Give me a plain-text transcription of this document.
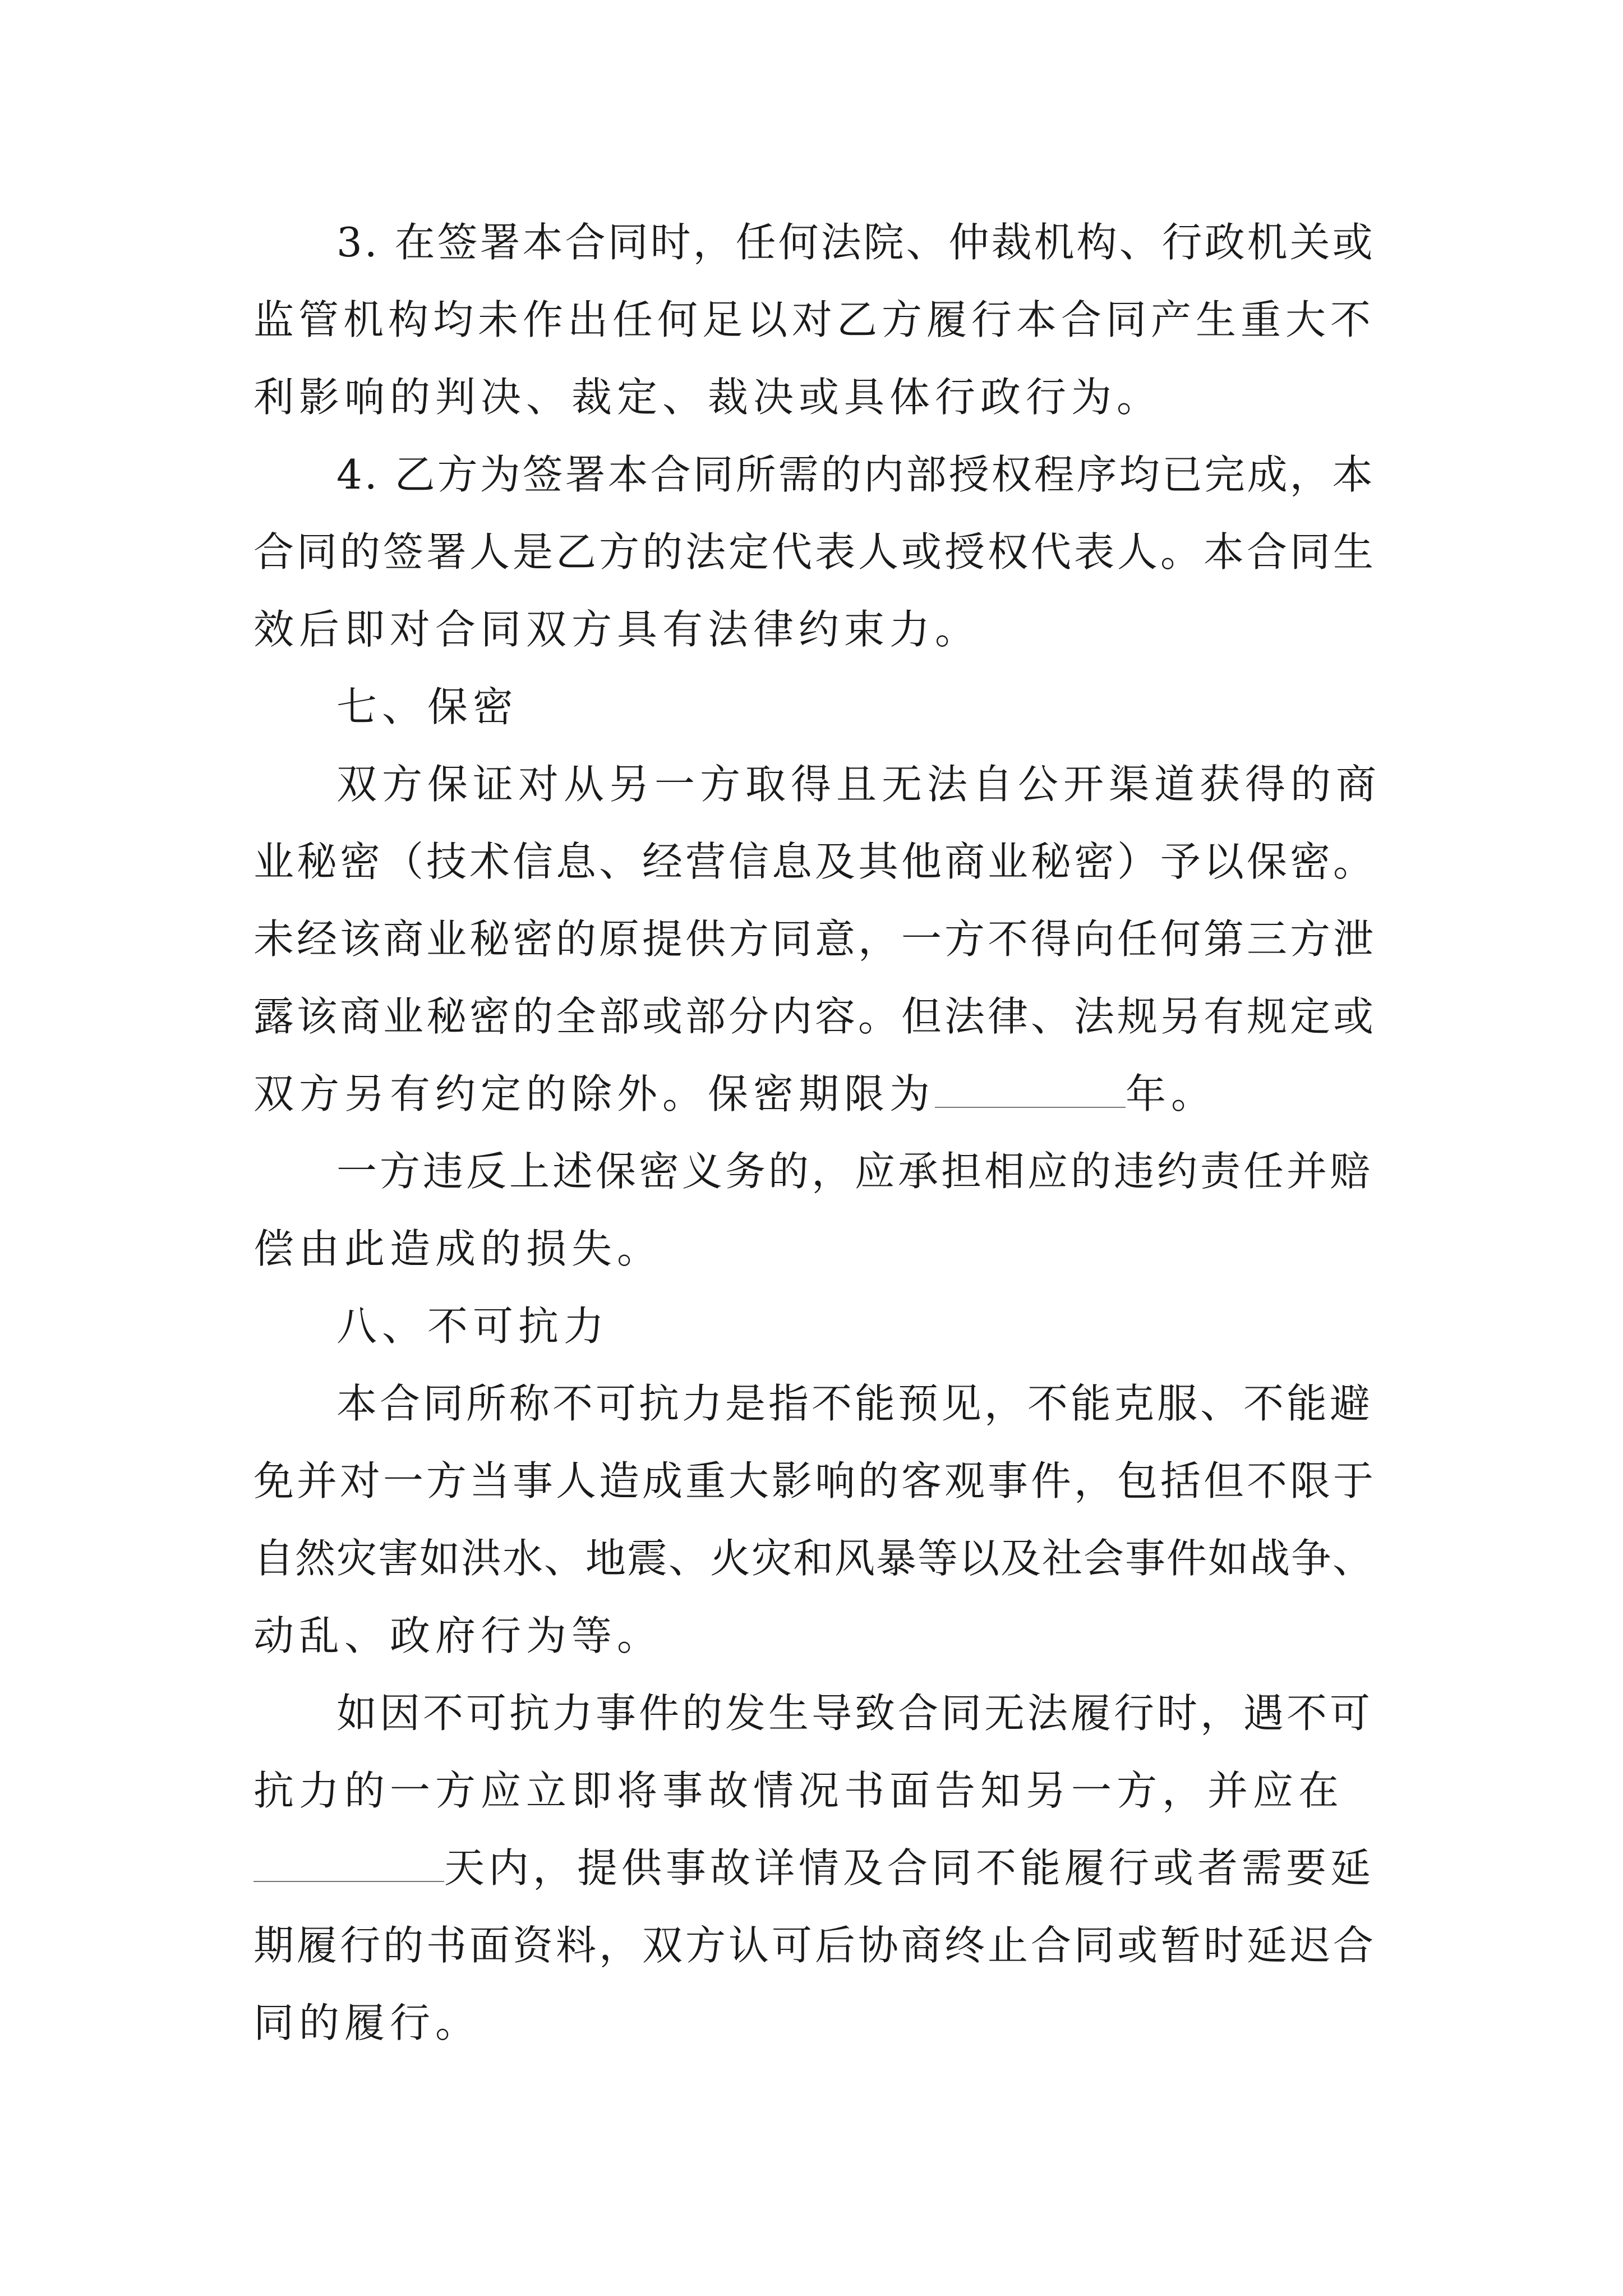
3. 在签署本合同时，任何法院、仲裁机构、行政机关或
监管机构均未作出任何足以对乙方履行本合同产生重大不
利影响的判决、裁定、裁决或具体行政行为。
4. 乙方为签署本合同所需的内部授权程序均已完成，本
合同的签署人是乙方的法定代表人或授权代表人。本合同生
效后即对合同双方具有法律约束力。
七、保密
双方保证对从另一方取得且无法自公开渠道获得的商
业秘密（技术信息、经营信息及其他商业秘密）予以保密。
未经该商业秘密的原提供方同意，一方不得向任何第三方泄
露该商业秘密的全部或部分内容。但法律、法规另有规定或
双方另有约定的除外。保密期限为	年。
一方违反上述保密义务的，应承担相应的违约责任并赔
偿由此造成的损失。
八、不可抗力
本合同所称不可抗力是指不能预见，不能克服、不能避
免并对一方当事人造成重大影响的客观事件，包括但不限于
自然灾害如洪水、地震、火灾和风暴等以及社会事件如战争、
动乱、政府行为等。
如因不可抗力事件的发生导致合同无法履行时，遇不可
抗力的一方应立即将事故情况书面告知另一方，并应在
天内，提供事故详情及合同不能履行或者需要延
期履行的书面资料，双方认可后协商终止合同或暂时延迟合
同的履行。
